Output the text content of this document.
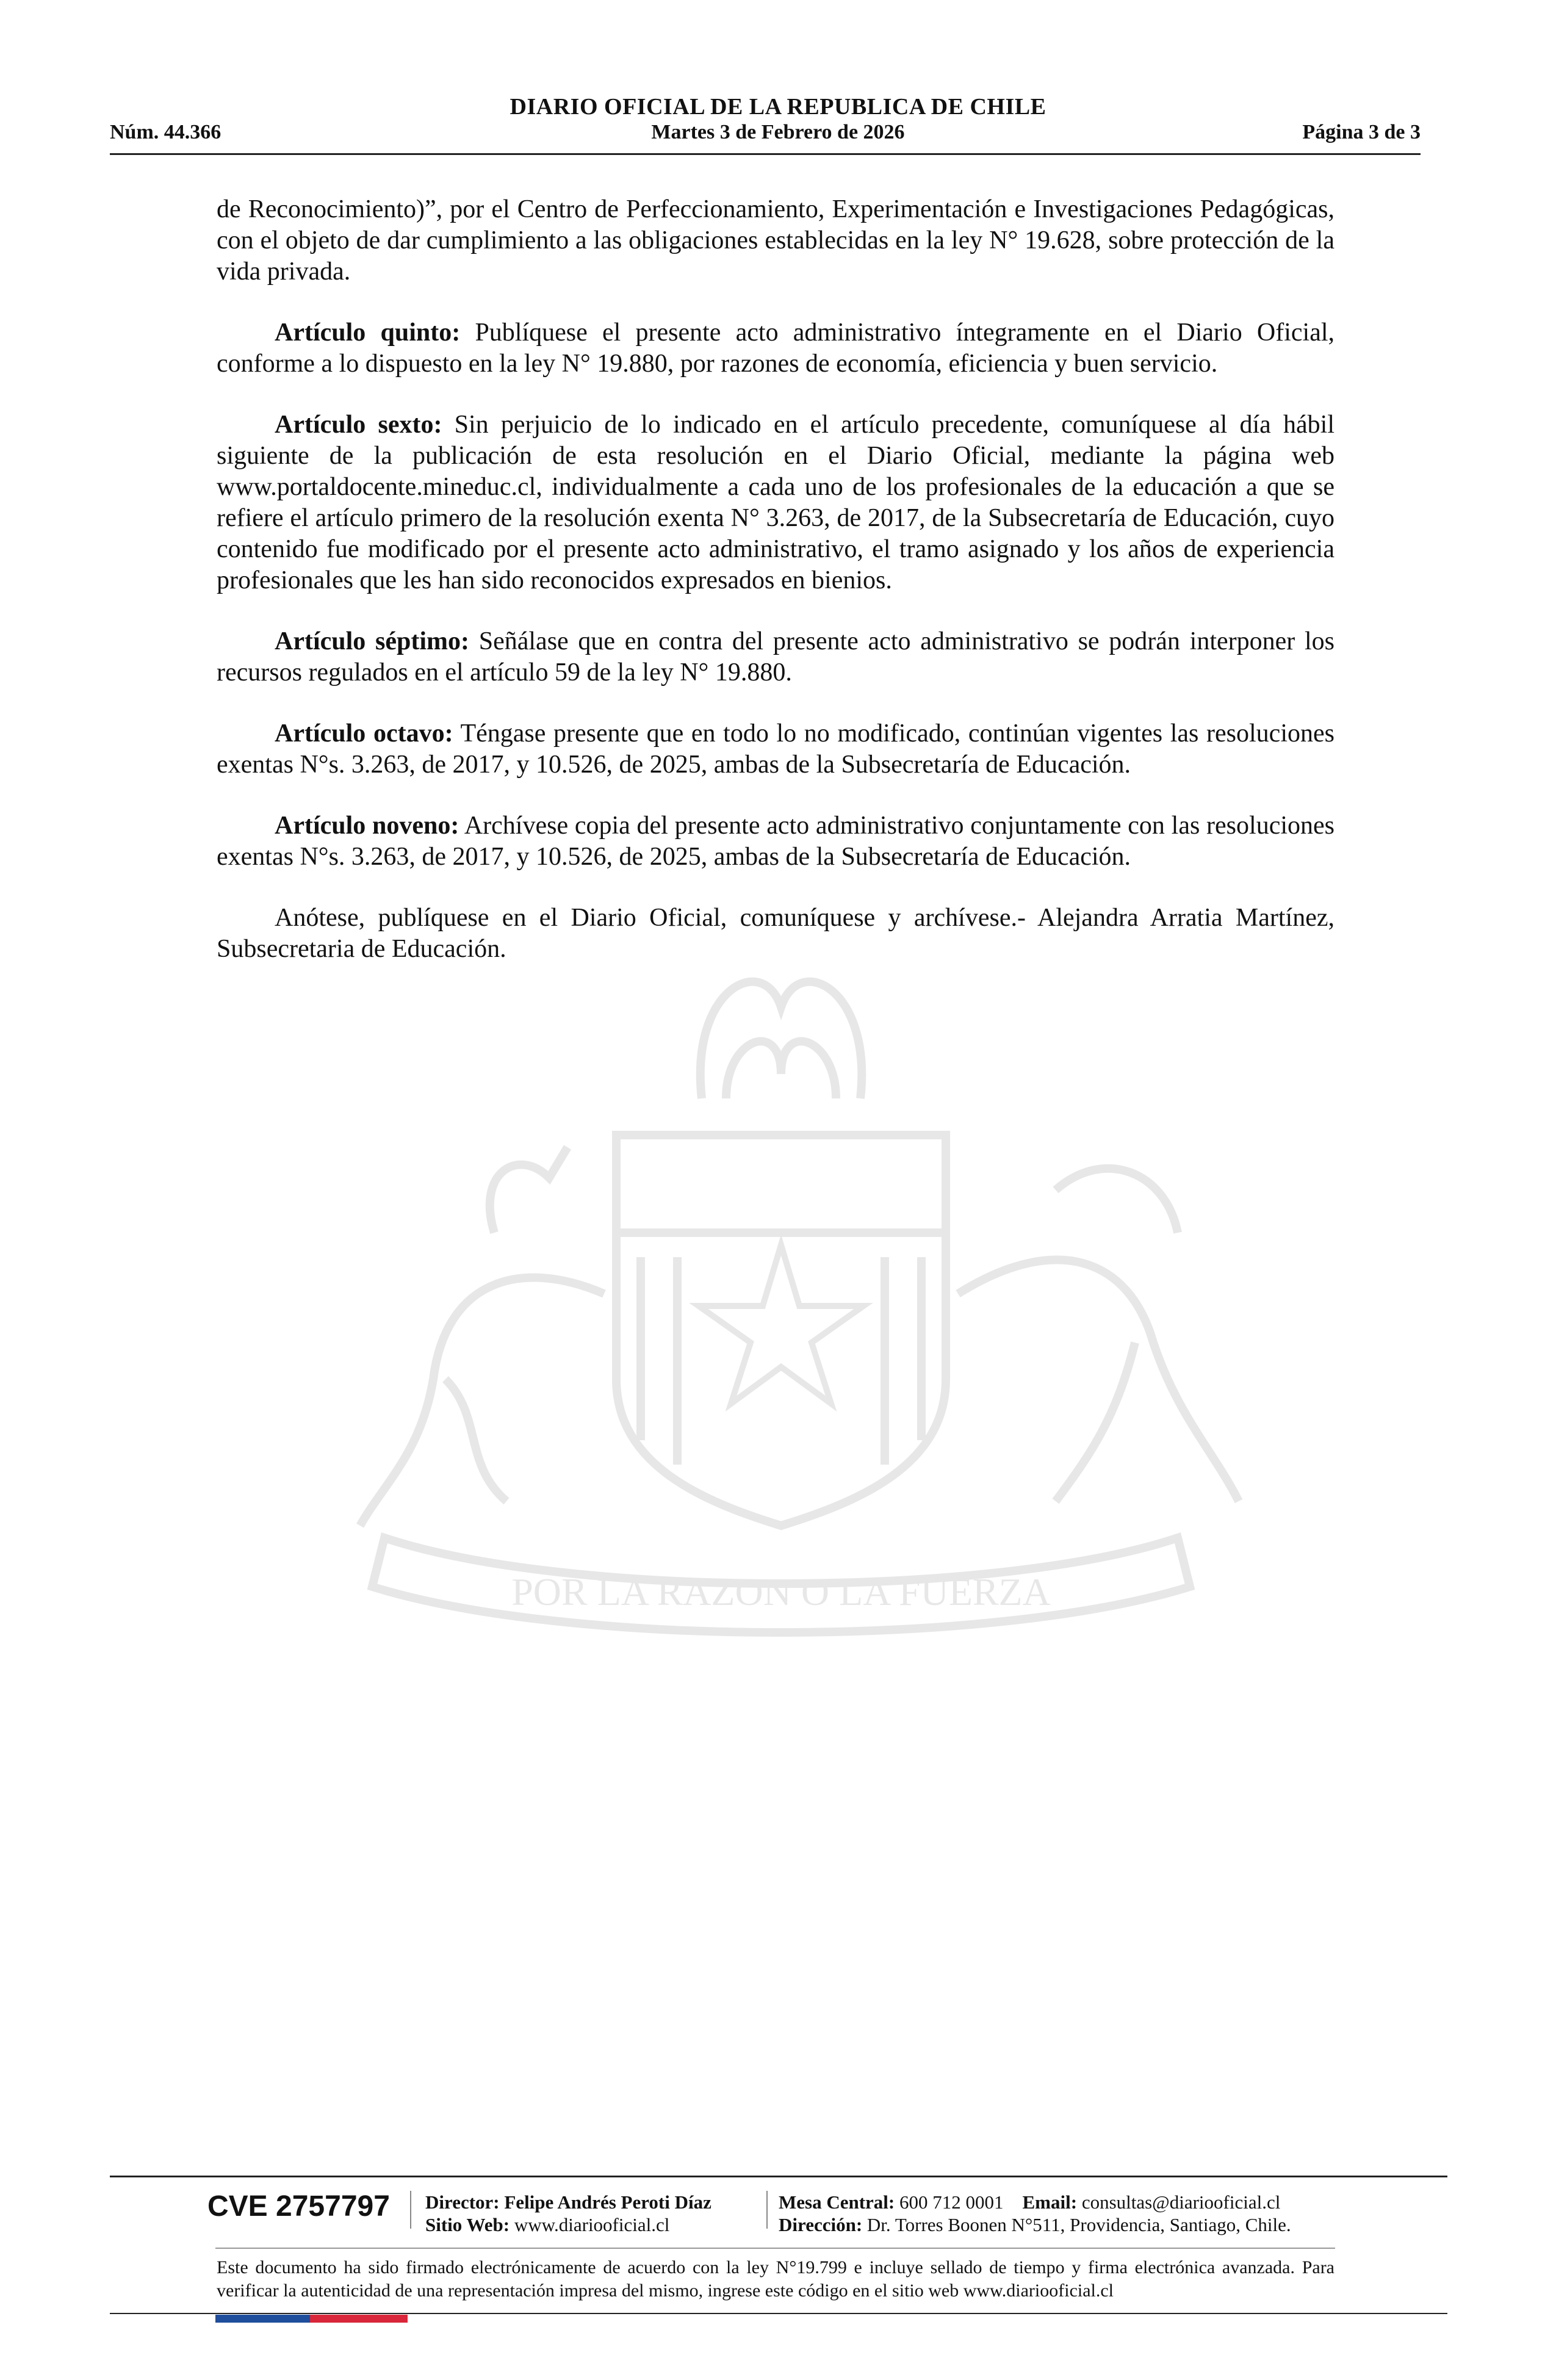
DIARIO OFICIAL DE LA REPUBLICA DE CHILE
Núm. 44.366	Martes 3 de Febrero de 2026	Página 3 de 3
POR LA RAZON O LA FUERZA

de Reconocimiento)”, por el Centro de Perfeccionamiento, Experimentación e Investigaciones Pedagógicas, con el objeto de dar cumplimiento a las obligaciones establecidas en la ley N° 19.628, sobre protección de la vida privada.

Artículo quinto: Publíquese el presente acto administrativo íntegramente en el Diario Oficial, conforme a lo dispuesto en la ley N° 19.880, por razones de economía, eficiencia y buen servicio.

Artículo sexto: Sin perjuicio de lo indicado en el artículo precedente, comuníquese al día hábil siguiente de la publicación de esta resolución en el Diario Oficial, mediante la página web www.portaldocente.mineduc.cl, individualmente a cada uno de los profesionales de la educación a que se refiere el artículo primero de la resolución exenta N° 3.263, de 2017, de la Subsecretaría de Educación, cuyo contenido fue modificado por el presente acto administrativo, el tramo asignado y los años de experiencia profesionales que les han sido reconocidos expresados en bienios.

Artículo séptimo: Señálase que en contra del presente acto administrativo se podrán interponer los recursos regulados en el artículo 59 de la ley N° 19.880.

Artículo octavo: Téngase presente que en todo lo no modificado, continúan vigentes las resoluciones exentas N°s. 3.263, de 2017, y 10.526, de 2025, ambas de la Subsecretaría de Educación.

Artículo noveno: Archívese copia del presente acto administrativo conjuntamente con las resoluciones exentas N°s. 3.263, de 2017, y 10.526, de 2025, ambas de la Subsecretaría de Educación.

Anótese, publíquese en el Diario Oficial, comuníquese y archívese.- Alejandra Arratia Martínez, Subsecretaria de Educación.

CVE 2757797 Director: Felipe Andrés Peroti Díaz
Sitio Web: www.diariooficial.cl
Mesa Central: 600 712 0001 Email: consultas@diariooficial.cl
Dirección: Dr. Torres Boonen N°511, Providencia, Santiago, Chile.
Este documento ha sido firmado electrónicamente de acuerdo con la ley N°19.799 e incluye sellado de tiempo y firma electrónica avanzada. Para verificar la autenticidad de una representación impresa del mismo, ingrese este código en el sitio web www.diariooficial.cl
